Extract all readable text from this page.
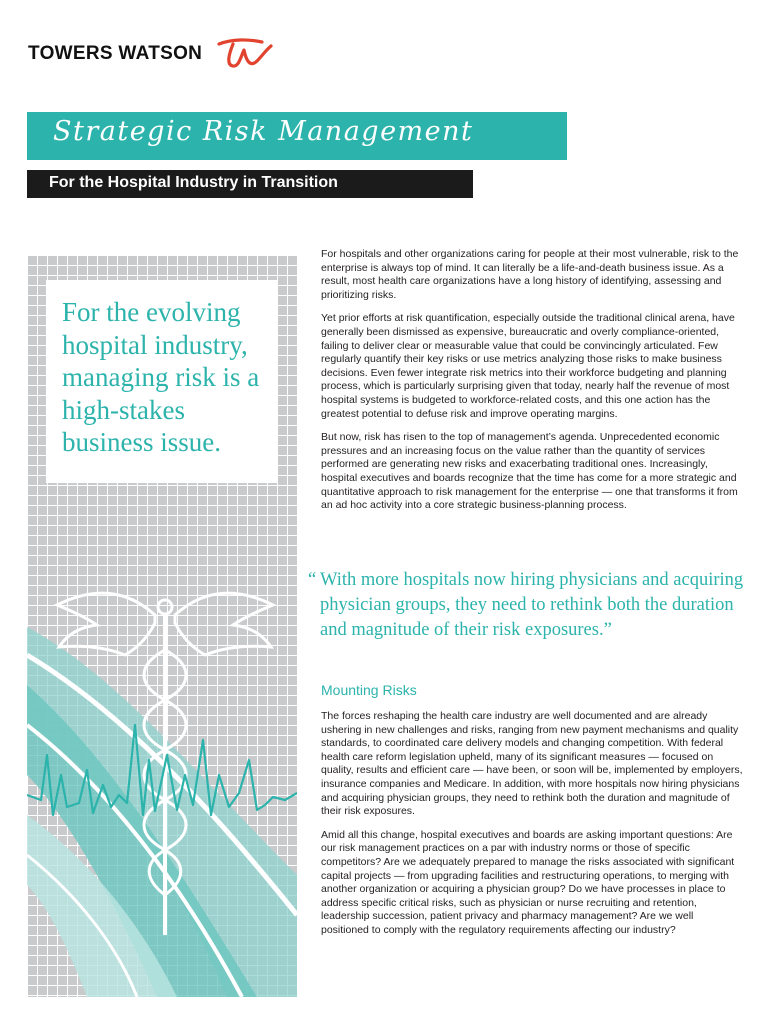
TOWERS WATSON
Strategic Risk Management
For the Hospital Industry in Transition
For the evolving hospital industry, managing risk is a high-stakes business issue.

For hospitals and other organizations caring for people at their most vulnerable, risk to the enterprise is always top of mind. It can literally be a life-and-death business issue. As a result, most health care organizations have a long history of identifying, assessing and prioritizing risks.

Yet prior efforts at risk quantification, especially outside the traditional clinical arena, have generally been dismissed as expensive, bureaucratic and overly compliance-oriented, failing to deliver clear or measurable value that could be convincingly articulated. Few regularly quantify their key risks or use metrics analyzing those risks to make business decisions. Even fewer integrate risk metrics into their workforce budgeting and planning process, which is particularly surprising given that today, nearly half the revenue of most hospital systems is budgeted to workforce-related costs, and this one action has the greatest potential to defuse risk and improve operating margins.

But now, risk has risen to the top of management’s agenda. Unprecedented economic pressures and an increasing focus on the value rather than the quantity of services performed are generating new risks and exacerbating traditional ones. Increasingly, hospital executives and boards recognize that the time has come for a more strategic and quantitative approach to risk management for the enterprise — one that transforms it from an ad hoc activity into a core strategic business-planning process.

“ With more hospitals now hiring physicians and acquiring physician groups, they need to rethink both the duration and magnitude of their risk exposures.”
Mounting Risks

The forces reshaping the health care industry are well documented and are already ushering in new challenges and risks, ranging from new payment mechanisms and quality standards, to coordinated care delivery models and changing competition. With federal health care reform legislation upheld, many of its significant measures — focused on quality, results and efficient care — have been, or soon will be, implemented by employers, insurance companies and Medicare. In addition, with more hospitals now hiring physicians and acquiring physician groups, they need to rethink both the duration and magnitude of their risk exposures.

Amid all this change, hospital executives and boards are asking important questions: Are our risk management practices on a par with industry norms or those of specific competitors? Are we adequately prepared to manage the risks associated with significant capital projects — from upgrading facilities and restructuring operations, to merging with another organization or acquiring a physician group? Do we have processes in place to address specific critical risks, such as physician or nurse recruiting and retention, leadership succession, patient privacy and pharmacy management? Are we well positioned to comply with the regulatory requirements affecting our industry?
